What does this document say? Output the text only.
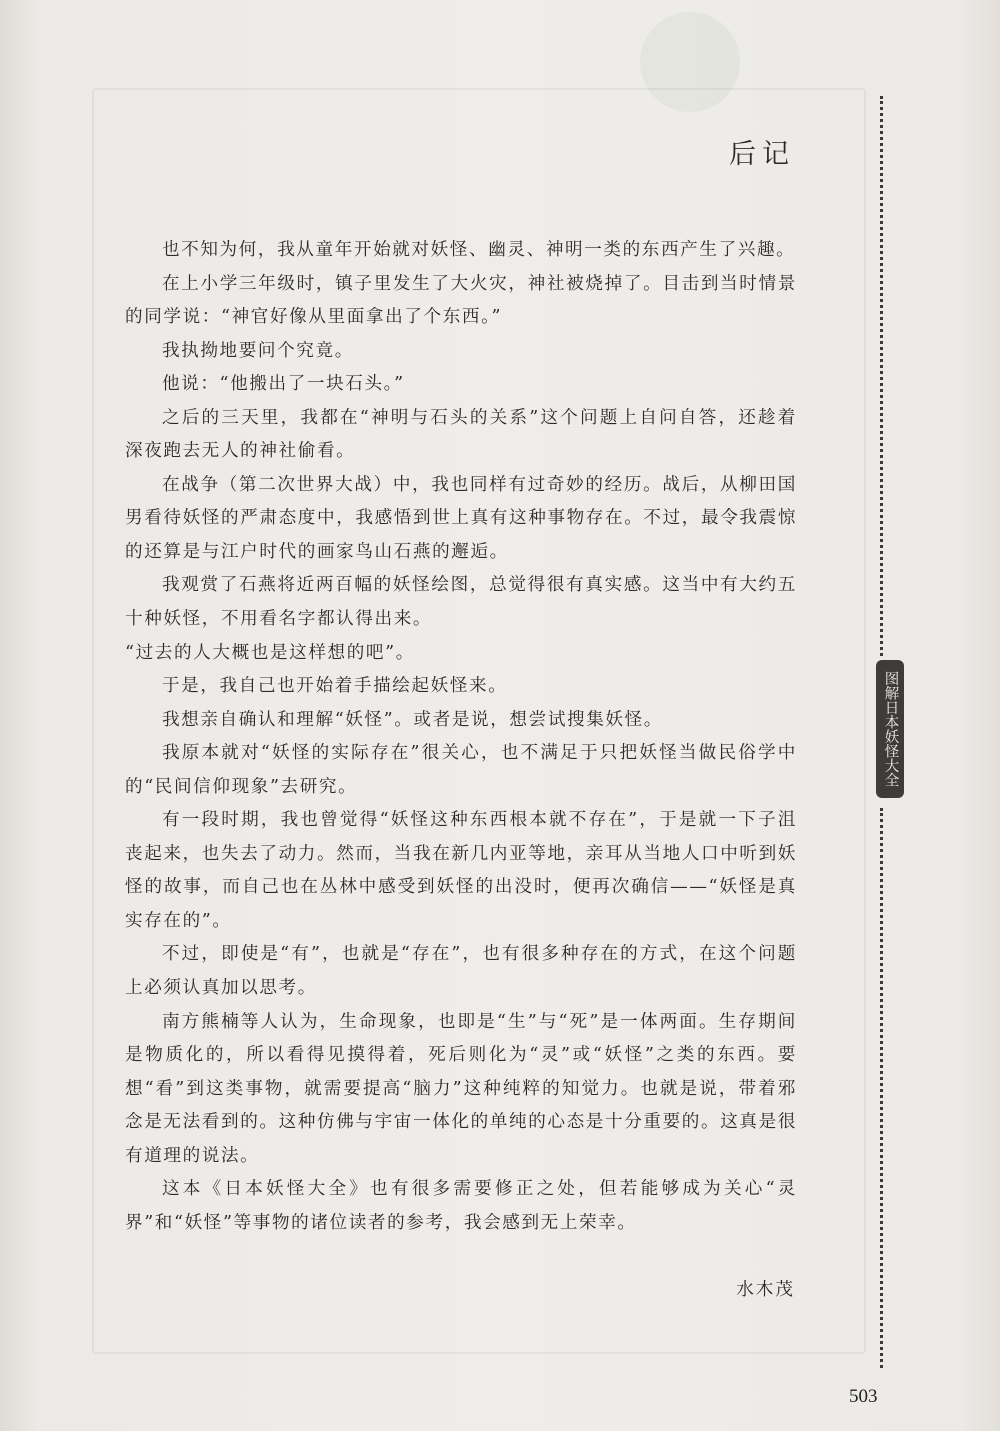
后记

也不知为何，我从童年开始就对妖怪、幽灵、神明一类的东西产生了兴趣。

在上小学三年级时，镇子里发生了大火灾，神社被烧掉了。目击到当时情景的同学说：“神官好像从里面拿出了个东西。”

我执拗地要问个究竟。

他说：“他搬出了一块石头。”

之后的三天里，我都在“神明与石头的关系”这个问题上自问自答，还趁着深夜跑去无人的神社偷看。

在战争（第二次世界大战）中，我也同样有过奇妙的经历。战后，从柳田国男看待妖怪的严肃态度中，我感悟到世上真有这种事物存在。不过，最令我震惊的还算是与江户时代的画家鸟山石燕的邂逅。

我观赏了石燕将近两百幅的妖怪绘图，总觉得很有真实感。这当中有大约五十种妖怪，不用看名字都认得出来。

“过去的人大概也是这样想的吧”。

于是，我自己也开始着手描绘起妖怪来。

我想亲自确认和理解“妖怪”。或者是说，想尝试搜集妖怪。

我原本就对“妖怪的实际存在”很关心，也不满足于只把妖怪当做民俗学中的“民间信仰现象”去研究。

有一段时期，我也曾觉得“妖怪这种东西根本就不存在”，于是就一下子沮丧起来，也失去了动力。然而，当我在新几内亚等地，亲耳从当地人口中听到妖怪的故事，而自己也在丛林中感受到妖怪的出没时，便再次确信——“妖怪是真实存在的”。

不过，即使是“有”，也就是“存在”，也有很多种存在的方式，在这个问题上必须认真加以思考。

南方熊楠等人认为，生命现象，也即是“生”与“死”是一体两面。生存期间是物质化的，所以看得见摸得着，死后则化为“灵”或“妖怪”之类的东西。要想“看”到这类事物，就需要提高“脑力”这种纯粹的知觉力。也就是说，带着邪念是无法看到的。这种仿佛与宇宙一体化的单纯的心态是十分重要的。这真是很有道理的说法。

这本《日本妖怪大全》也有很多需要修正之处，但若能够成为关心“灵界”和“妖怪”等事物的诸位读者的参考，我会感到无上荣幸。

水木茂
图解日本妖怪大全
503
